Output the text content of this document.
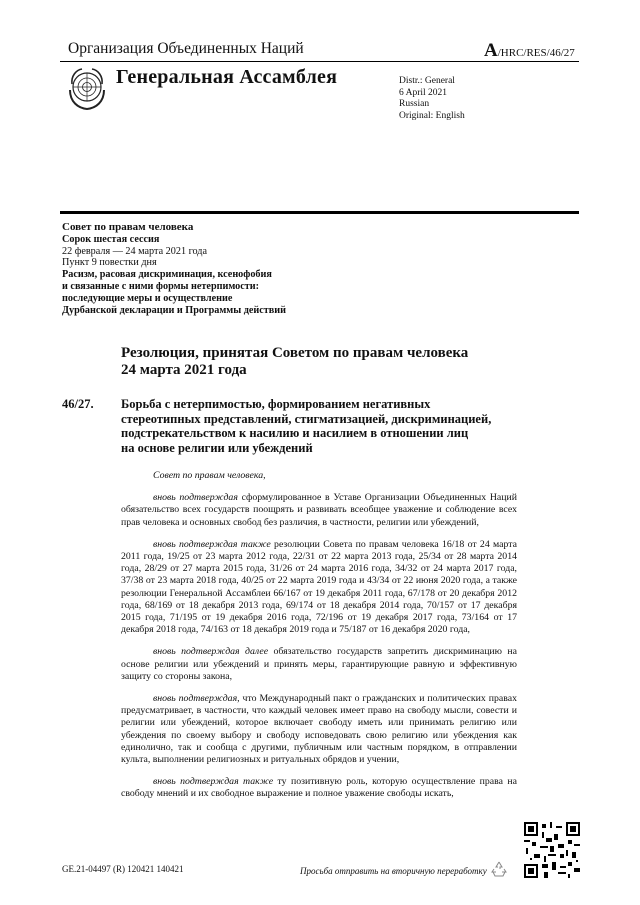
Организация Объединенных Наций	A/HRC/RES/46/27
Генеральная Ассамблея	Distr.: General
6 April 2021
Russian
Original: English
Совет по правам человека
Сорок шестая сессия
22 февраля — 24 марта 2021 года
Пункт 9 повестки дня
Расизм, расовая дискриминация, ксенофобия
и связанные с ними формы нетерпимости:
последующие меры и осуществление
Дурбанской декларации и Программы действий
Резолюция, принятая Советом по правам человека
24 марта 2021 года
46/27. Борьба с нетерпимостью, формированием негативных
стереотипных представлений, стигматизацией, дискриминацией,
подстрекательством к насилию и насилием в отношении лиц
на основе религии или убеждений

Совет по правам человека,

вновь подтверждая сформулированное в Уставе Организации Объединенных Наций обязательство всех государств поощрять и развивать всеобщее уважение и соблюдение всех прав человека и основных свобод без различия, в частности, религии или убеждений,

вновь подтверждая также резолюции Совета по правам человека 16/18 от 24 марта 2011 года, 19/25 от 23 марта 2012 года, 22/31 от 22 марта 2013 года, 25/34 от 28 марта 2014 года, 28/29 от 27 марта 2015 года, 31/26 от 24 марта 2016 года, 34/32 от 24 марта 2017 года, 37/38 от 23 марта 2018 года, 40/25 от 22 марта 2019 года и 43/34 от 22 июня 2020 года, а также резолюции Генеральной Ассамблеи 66/167 от 19 декабря 2011 года, 67/178 от 20 декабря 2012 года, 68/169 от 18 декабря 2013 года, 69/174 от 18 декабря 2014 года, 70/157 от 17 декабря 2015 года, 71/195 от 19 декабря 2016 года, 72/196 от 19 декабря 2017 года, 73/164 от 17 декабря 2018 года, 74/163 от 18 декабря 2019 года и 75/187 от 16 декабря 2020 года,

вновь подтверждая далее обязательство государств запретить дискриминацию на основе религии или убеждений и принять меры, гарантирующие равную и эффективную защиту со стороны закона,

вновь подтверждая, что Международный пакт о гражданских и политических правах предусматривает, в частности, что каждый человек имеет право на свободу мысли, совести и религии или убеждений, которое включает свободу иметь или принимать религию или убеждения по своему выбору и свободу исповедовать свою религию или убеждения как единолично, так и сообща с другими, публичным или частным порядком, в отправлении культа, выполнении религиозных и ритуальных обрядов и учении,

вновь подтверждая также ту позитивную роль, которую осуществление права на свободу мнений и их свободное выражение и полное уважение свободы искать,

GE.21-04497 (R) 120421 140421	Просьба отправить на вторичную переработку
